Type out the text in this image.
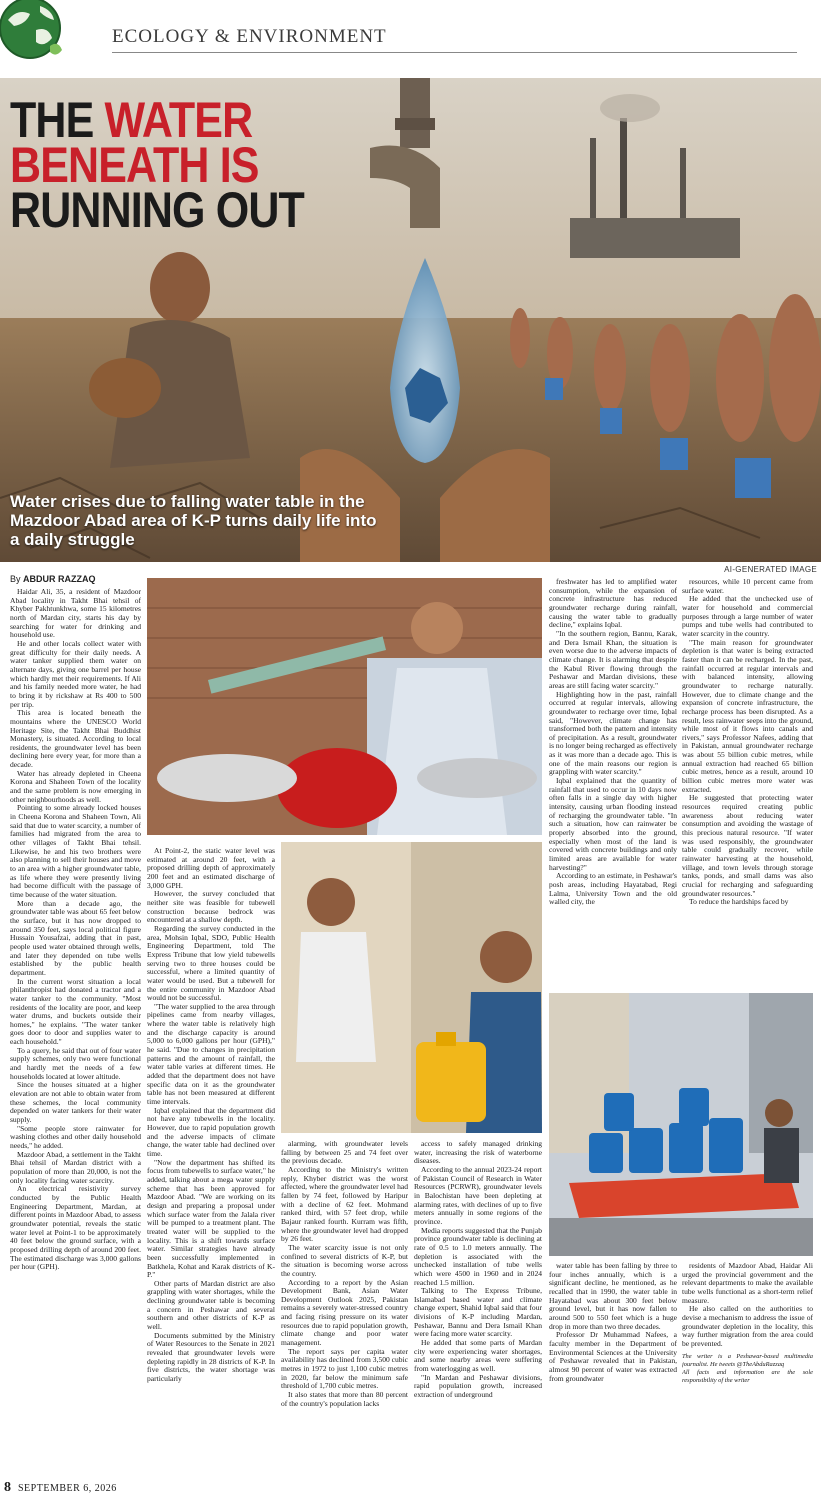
ECOLOGY & ENVIRONMENT
THE WATER
BENEATH IS
RUNNING OUT
Water crises due to falling water table in the Mazdoor Abad area of K-P turns daily life into a daily struggle
AI-GENERATED IMAGE
By ABDUR RAZZAQ

Haidar Ali, 35, a resident of Mazdoor Abad locality in Takht Bhai tehsil of Khyber Pakhtunkhwa, some 15 kilometres north of Mardan city, starts his day by searching for water for drinking and household use.

He and other locals collect water with great difficulty for their daily needs. A water tanker supplied them water on alternate days, giving one barrel per house which hardly met their requirements. If Ali and his family needed more water, he had to bring it by rickshaw at Rs 400 to 500 per trip.

This area is located beneath the mountains where the UNESCO World Heritage Site, the Takht Bhai Buddhist Monastery, is situated. According to local residents, the groundwater level has been declining here every year, for more than a decade.

Water has already depleted in Cheena Korona and Shaheen Town of the locality and the same problem is now emerging in other neighbourhoods as well.

Pointing to some already locked houses in Cheena Korona and Shaheen Town, Ali said that due to water scarcity, a number of families had migrated from the area to other villages of Takht Bhai tehsil. Likewise, he and his two brothers were also planning to sell their houses and move to an area with a higher groundwater table, as life where they were presently living had become difficult with the passage of time because of the water situation.

More than a decade ago, the groundwater table was about 65 feet below the surface, but it has now dropped to around 350 feet, says local political figure Hussain Yousafzai, adding that in past, people used water obtained through wells, and later they depended on tube wells established by the public health department.

In the current worst situation a local philanthropist had donated a tractor and a water tanker to the community. "Most residents of the locality are poor, and keep water drums, and buckets outside their homes," he explains. "The water tanker goes door to door and supplies water to each household."

To a query, he said that out of four water supply schemes, only two were functional and hardly met the needs of a few households located at lower altitude.

Since the houses situated at a higher elevation are not able to obtain water from these schemes, the local community depended on water tankers for their water supply.

"Some people store rainwater for washing clothes and other daily household needs," he added.

Mazdoor Abad, a settlement in the Takht Bhai tehsil of Mardan district with a population of more than 20,000, is not the only locality facing water scarcity.

An electrical resistivity survey conducted by the Public Health Engineering Department, Mardan, at different points in Mazdoor Abad, to assess groundwater potential, reveals the static water level at Point-1 to be approximately 40 feet below the ground surface, with a proposed drilling depth of around 200 feet. The estimated discharge was 3,000 gallons per hour (GPH).

At Point-2, the static water level was estimated at around 20 feet, with a proposed drilling depth of approximately 200 feet and an estimated discharge of 3,000 GPH.

However, the survey concluded that neither site was feasible for tubewell construction because bedrock was encountered at a shallow depth.

Regarding the survey conducted in the area, Mohsin Iqbal, SDO, Public Health Engineering Department, told The Express Tribune that low yield tubewells serving two to three houses could be successful, where a limited quantity of water would be used. But a tubewell for the entire community in Mazdoor Abad would not be successful.

"The water supplied to the area through pipelines came from nearby villages, where the water table is relatively high and the discharge capacity is around 5,000 to 6,000 gallons per hour (GPH)," he said. "Due to changes in precipitation patterns and the amount of rainfall, the water table varies at different times. He added that the department does not have specific data on it as the groundwater table has not been measured at different time intervals.

Iqbal explained that the department did not have any tubewells in the locality. However, due to rapid population growth and the adverse impacts of climate change, the water table had declined over time.

"Now the department has shifted its focus from tubewells to surface water," he added, talking about a mega water supply scheme that has been approved for Mazdoor Abad. "We are working on its design and preparing a proposal under which surface water from the Jalala river will be pumped to a treatment plant. The treated water will be supplied to the locality. This is a shift towards surface water. Similar strategies have already been successfully implemented in Batkhela, Kohat and Karak districts of K-P."

Other parts of Mardan district are also grappling with water shortages, while the declining groundwater table is becoming a concern in Peshawar and several southern and other districts of K-P as well.

Documents submitted by the Ministry of Water Resources to the Senate in 2021 revealed that groundwater levels were depleting rapidly in 28 districts of K-P. In five districts, the water shortage was particularly

alarming, with groundwater levels falling by between 25 and 74 feet over the previous decade.

According to the Ministry's written reply, Khyber district was the worst affected, where the groundwater level had fallen by 74 feet, followed by Haripur with a decline of 62 feet. Mohmand ranked third, with 57 feet drop, while Bajaur ranked fourth. Kurram was fifth, where the groundwater level had dropped by 26 feet.

The water scarcity issue is not only confined to several districts of K-P, but the situation is becoming worse across the country.

According to a report by the Asian Development Bank, Asian Water Development Outlook 2025, Pakistan remains a severely water-stressed country and facing rising pressure on its water resources due to rapid population growth, climate change and poor water management.

The report says per capita water availability has declined from 3,500 cubic metres in 1972 to just 1,100 cubic metres in 2020, far below the minimum safe threshold of 1,700 cubic metres.

It also states that more than 80 percent of the country's population lacks

access to safely managed drinking water, increasing the risk of waterborne diseases.

According to the annual 2023-24 report of Pakistan Council of Research in Water Resources (PCRWR), groundwater levels in Balochistan have been depleting at alarming rates, with declines of up to five meters annually in some regions of the province.

Media reports suggested that the Punjab province groundwater table is declining at rate of 0.5 to 1.0 meters annually. The depletion is associated with the unchecked installation of tube wells which were 4500 in 1960 and in 2024 reached 1.5 million.

Talking to The Express Tribune, Islamabad based water and climate change expert, Shahid Iqbal said that four divisions of K-P including Mardan, Peshawar, Bannu and Dera Ismail Khan were facing more water scarcity.

He added that some parts of Mardan city were experiencing water shortages, and some nearby areas were suffering from waterlogging as well.

"In Mardan and Peshawar divisions, rapid population growth, increased extraction of underground

freshwater has led to amplified water consumption, while the expansion of concrete infrastructure has reduced groundwater recharge during rainfall, causing the water table to gradually decline," explains Iqbal.

"In the southern region, Bannu, Karak, and Dera Ismail Khan, the situation is even worse due to the adverse impacts of climate change. It is alarming that despite the Kabul River flowing through the Peshawar and Mardan divisions, these areas are still facing water scarcity."

Highlighting how in the past, rainfall occurred at regular intervals, allowing groundwater to recharge over time, Iqbal said, "However, climate change has transformed both the pattern and intensity of precipitation. As a result, groundwater is no longer being recharged as effectively as it was more than a decade ago. This is one of the main reasons our region is grappling with water scarcity."

Iqbal explained that the quantity of rainfall that used to occur in 10 days now often falls in a single day with higher intensity, causing urban flooding instead of recharging the groundwater table. "In such a situation, how can rainwater be properly absorbed into the ground, especially when most of the land is covered with concrete buildings and only limited areas are available for water harvesting?"

According to an estimate, in Peshawar's posh areas, including Hayatabad, Regi Lalma, University Town and the old walled city, the

resources, while 10 percent came from surface water.

He added that the unchecked use of water for household and commercial purposes through a large number of water pumps and tube wells had contributed to water scarcity in the country.

"The main reason for groundwater depletion is that water is being extracted faster than it can be recharged. In the past, rainfall occurred at regular intervals and with balanced intensity, allowing groundwater to recharge naturally. However, due to climate change and the expansion of concrete infrastructure, the recharge process has been disrupted. As a result, less rainwater seeps into the ground, while most of it flows into canals and rivers," says Professor Nafees, adding that in Pakistan, annual groundwater recharge was about 55 billion cubic metres, while annual extraction had reached 65 billion cubic metres, hence as a result, around 10 billion cubic metres more water was extracted.

He suggested that protecting water resources required creating public awareness about reducing water consumption and avoiding the wastage of this precious natural resource. "If water was used responsibly, the groundwater table could gradually recover, while rainwater harvesting at the household, village, and town levels through storage tanks, ponds, and small dams was also crucial for recharging and safeguarding groundwater resources."

To reduce the hardships faced by

water table has been falling by three to four inches annually, which is a significant decline, he mentioned, as he recalled that in 1990, the water table in Hayatabad was about 300 feet below ground level, but it has now fallen to around 500 to 550 feet which is a huge drop in more than two three decades.

Professor Dr Muhammad Nafees, a faculty member in the Department of Environmental Sciences at the University of Peshawar revealed that in Pakistan, almost 90 percent of water was extracted from groundwater

residents of Mazdoor Abad, Haidar Ali urged the provincial government and the relevant departments to make the available tube wells functional as a short-term relief measure.

He also called on the authorities to devise a mechanism to address the issue of groundwater depletion in the locality, this way further migration from the area could be prevented.

The writer is a Peshawar-based multimedia journalist. He tweets @TheAbduRazzaq

All facts and information are the sole responsibility of the writer

8 SEPTEMBER 6, 2026
